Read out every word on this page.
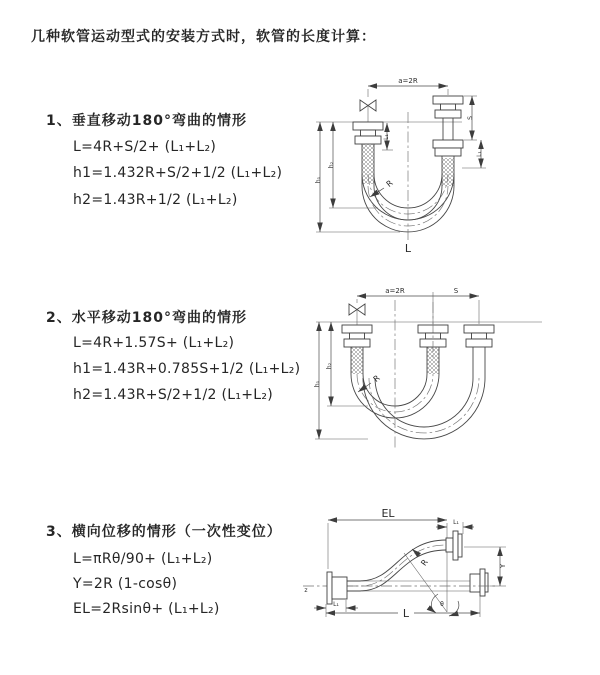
几种软管运动型式的安装方式时，软管的长度计算：
1、垂直移动180°弯曲的情形
L=4R+S/2+ (L₁+L₂)
h1=1.432R+S/2+1/2 (L₁+L₂)
h2=1.43R+1/2 (L₁+L₂)
a=2R
L₁
S
L₁
h₂
h₁	R
L
2、水平移动180°弯曲的情形
L=4R+1.57S+ (L₁+L₂)
h1=1.43R+0.785S+1/2 (L₁+L₂)
h2=1.43R+S/2+1/2 (L₁+L₂)
a=2R	S
h₂
h₁
R
3、横向位移的情形（一次性变位）
L=πRθ/90+ (L₁+L₂)
Y=2R (1-cosθ)
EL=2Rsinθ+ (L₁+L₂)
EL
L₁
z
Y
R
θ
L
L₁
